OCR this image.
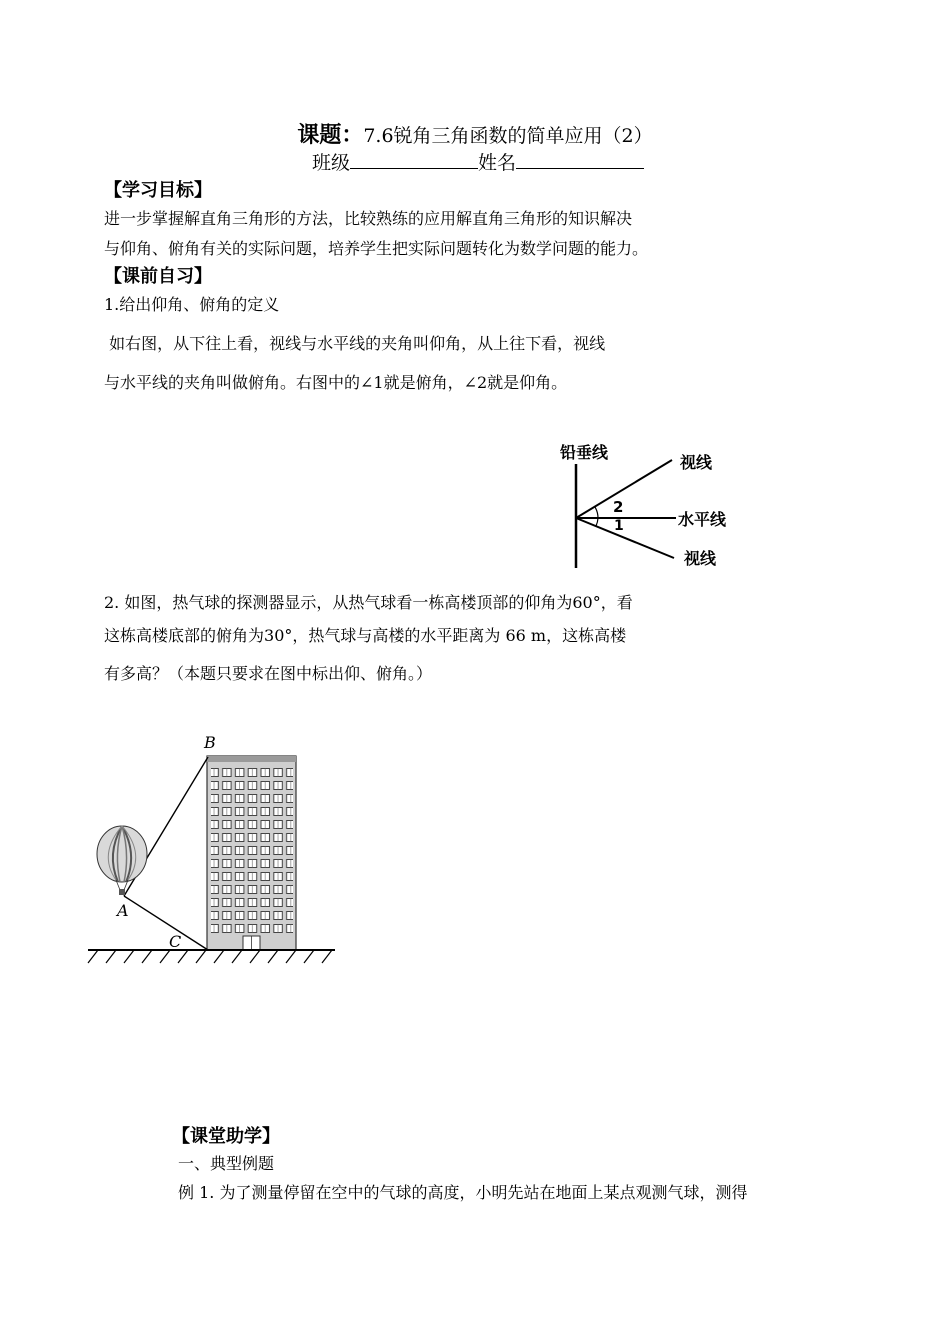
课题：7.6锐角三角函数的简单应用（2）
班级	姓名
【学习目标】
进一步掌握解直角三角形的方法，比较熟练的应用解直角三角形的知识解决
与仰角、俯角有关的实际问题，培养学生把实际问题转化为数学问题的能力。
【课前自习】
1.给出仰角、俯角的定义
如右图，从下往上看，视线与水平线的夹角叫仰角，从上往下看，视线
与水平线的夹角叫做俯角。右图中的∠1就是俯角，∠2就是仰角。
铅垂线
视线
水平线
视线
2
1
2. 如图，热气球的探测器显示，从热气球看一栋高楼顶部的仰角为60°，看
这栋高楼底部的俯角为30°，热气球与高楼的水平距离为 66 m，这栋高楼
有多高？（本题只要求在图中标出仰、俯角。）
B
A
C
【课堂助学】
一、典型例题
例 1. 为了测量停留在空中的气球的高度，小明先站在地面上某点观测气球，测得
